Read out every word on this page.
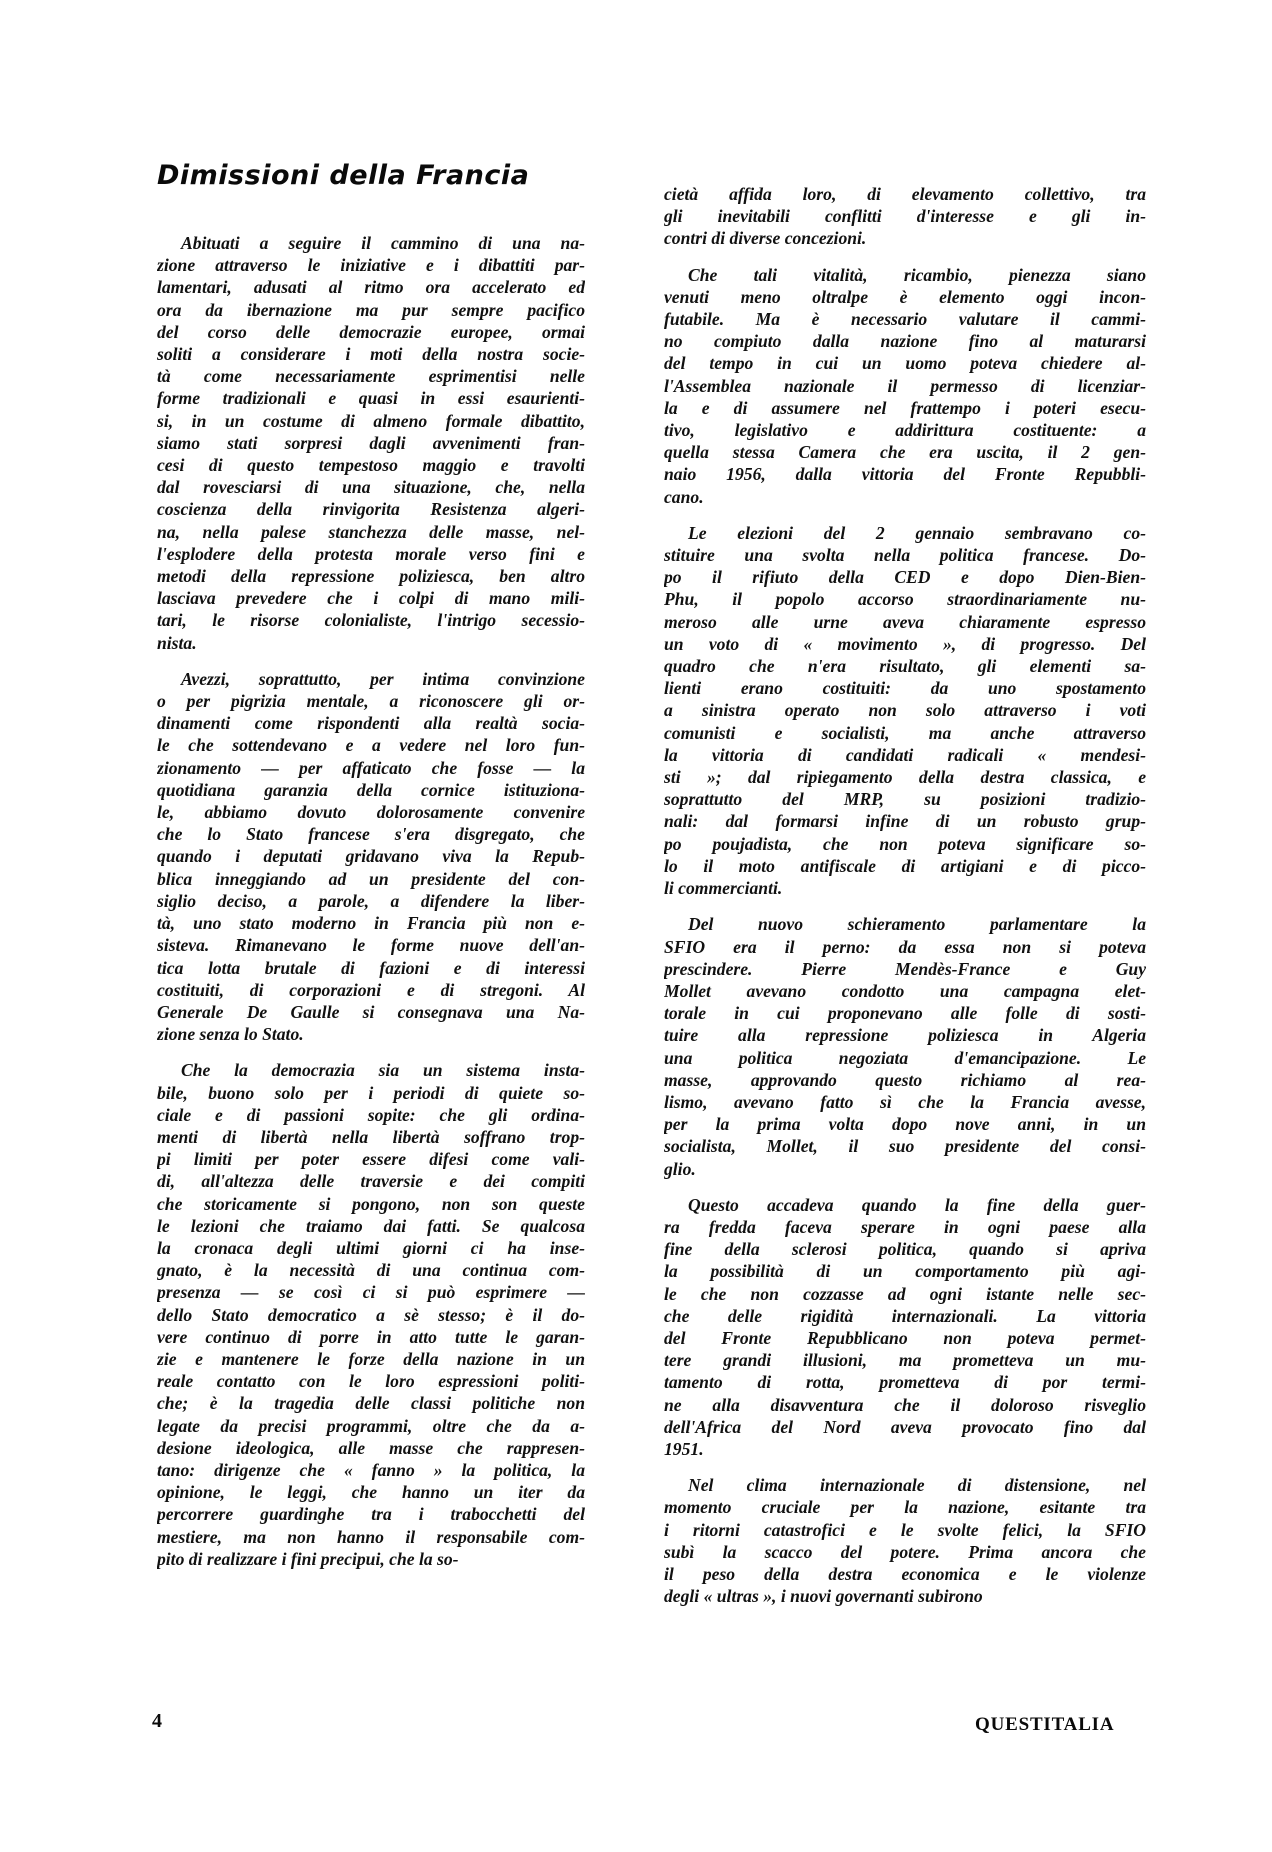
Dimissioni della Francia

Abituati a seguire il cammino di una na-
zione attraverso le iniziative e i dibattiti par-
lamentari, adusati al ritmo ora accelerato ed
ora da ibernazione ma pur sempre pacifico
del corso delle democrazie europee, ormai
soliti a considerare i moti della nostra socie-
tà come necessariamente esprimentisi nelle
forme tradizionali e quasi in essi esaurienti-
si, in un costume di almeno formale dibattito,
siamo stati sorpresi dagli avvenimenti fran-
cesi di questo tempestoso maggio e travolti
dal rovesciarsi di una situazione, che, nella
coscienza della rinvigorita Resistenza algeri-
na, nella palese stanchezza delle masse, nel-
l'esplodere della protesta morale verso fini e
metodi della repressione poliziesca, ben altro
lasciava prevedere che i colpi di mano mili-
tari, le risorse colonialiste, l'intrigo secessio-
nista.

Avezzi, soprattutto, per intima convinzione
o per pigrizia mentale, a riconoscere gli or-
dinamenti come rispondenti alla realtà socia-
le che sottendevano e a vedere nel loro fun-
zionamento — per affaticato che fosse — la
quotidiana garanzia della cornice istituziona-
le, abbiamo dovuto dolorosamente convenire
che lo Stato francese s'era disgregato, che
quando i deputati gridavano viva la Repub-
blica inneggiando ad un presidente del con-
siglio deciso, a parole, a difendere la liber-
tà, uno stato moderno in Francia più non e-
sisteva. Rimanevano le forme nuove dell'an-
tica lotta brutale di fazioni e di interessi
costituiti, di corporazioni e di stregoni. Al
Generale De Gaulle si consegnava una Na-
zione senza lo Stato.

Che la democrazia sia un sistema insta-
bile, buono solo per i periodi di quiete so-
ciale e di passioni sopite: che gli ordina-
menti di libertà nella libertà soffrano trop-
pi limiti per poter essere difesi come vali-
di, all'altezza delle traversie e dei compiti
che storicamente si pongono, non son queste
le lezioni che traiamo dai fatti. Se qualcosa
la cronaca degli ultimi giorni ci ha inse-
gnato, è la necessità di una continua com-
presenza — se così ci si può esprimere —
dello Stato democratico a sè stesso; è il do-
vere continuo di porre in atto tutte le garan-
zie e mantenere le forze della nazione in un
reale contatto con le loro espressioni politi-
che; è la tragedia delle classi politiche non
legate da precisi programmi, oltre che da a-
desione ideologica, alle masse che rappresen-
tano: dirigenze che « fanno » la politica, la
opinione, le leggi, che hanno un iter da
percorrere guardinghe tra i trabocchetti del
mestiere, ma non hanno il responsabile com-
pito di realizzare i fini precipui, che la so-

cietà affida loro, di elevamento collettivo, tra
gli inevitabili conflitti d'interesse e gli in-
contri di diverse concezioni.

Che tali vitalità, ricambio, pienezza siano
venuti meno oltralpe è elemento oggi incon-
futabile. Ma è necessario valutare il cammi-
no compiuto dalla nazione fino al maturarsi
del tempo in cui un uomo poteva chiedere al-
l'Assemblea nazionale il permesso di licenziar-
la e di assumere nel frattempo i poteri esecu-
tivo, legislativo e addirittura costituente: a
quella stessa Camera che era uscita, il 2 gen-
naio 1956, dalla vittoria del Fronte Repubbli-
cano.

Le elezioni del 2 gennaio sembravano co-
stituire una svolta nella politica francese. Do-
po il rifiuto della CED e dopo Dien-Bien-
Phu, il popolo accorso straordinariamente nu-
meroso alle urne aveva chiaramente espresso
un voto di « movimento », di progresso. Del
quadro che n'era risultato, gli elementi sa-
lienti erano costituiti: da uno spostamento
a sinistra operato non solo attraverso i voti
comunisti e socialisti, ma anche attraverso
la vittoria di candidati radicali « mendesi-
sti »; dal ripiegamento della destra classica, e
soprattutto del MRP, su posizioni tradizio-
nali: dal formarsi infine di un robusto grup-
po poujadista, che non poteva significare so-
lo il moto antifiscale di artigiani e di picco-
li commercianti.

Del nuovo schieramento parlamentare la
SFIO era il perno: da essa non si poteva
prescindere. Pierre Mendès-France e Guy
Mollet avevano condotto una campagna elet-
torale in cui proponevano alle folle di sosti-
tuire alla repressione poliziesca in Algeria
una politica negoziata d'emancipazione. Le
masse, approvando questo richiamo al rea-
lismo, avevano fatto sì che la Francia avesse,
per la prima volta dopo nove anni, in un
socialista, Mollet, il suo presidente del consi-
glio.

Questo accadeva quando la fine della guer-
ra fredda faceva sperare in ogni paese alla
fine della sclerosi politica, quando si apriva
la possibilità di un comportamento più agi-
le che non cozzasse ad ogni istante nelle sec-
che delle rigidità internazionali. La vittoria
del Fronte Repubblicano non poteva permet-
tere grandi illusioni, ma prometteva un mu-
tamento di rotta, prometteva di por termi-
ne alla disavventura che il doloroso risveglio
dell'Africa del Nord aveva provocato fino dal
1951.

Nel clima internazionale di distensione, nel
momento cruciale per la nazione, esitante tra
i ritorni catastrofici e le svolte felici, la SFIO
subì la scacco del potere. Prima ancora che
il peso della destra economica e le violenze
degli « ultras », i nuovi governanti subirono

4	QUESTITALIA
